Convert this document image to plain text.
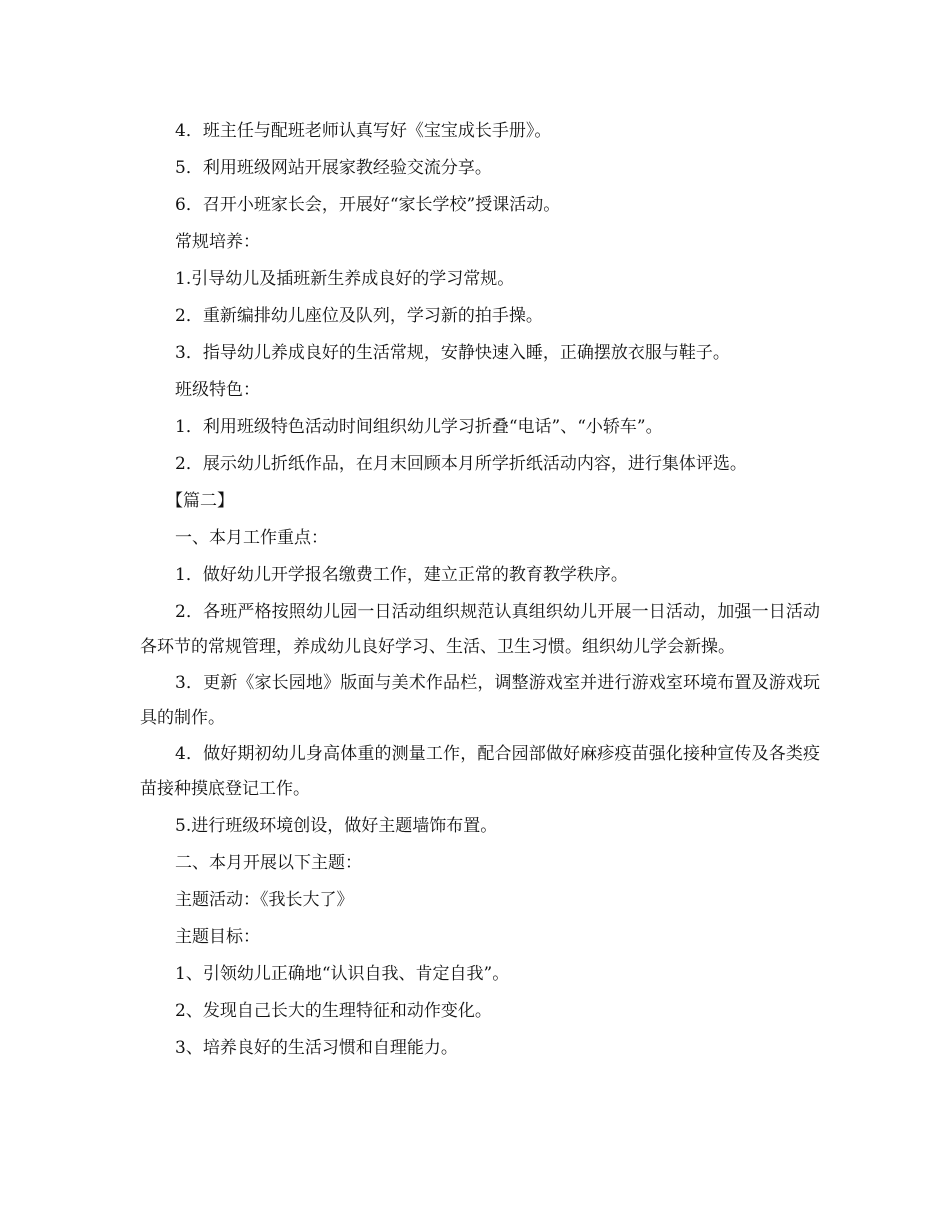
4．班主任与配班老师认真写好《宝宝成长手册》。

5．利用班级网站开展家教经验交流分享。

6．召开小班家长会，开展好“家长学校”授课活动。

常规培养：

1.引导幼儿及插班新生养成良好的学习常规。

2．重新编排幼儿座位及队列，学习新的拍手操。

3．指导幼儿养成良好的生活常规，安静快速入睡，正确摆放衣服与鞋子。

班级特色：

1．利用班级特色活动时间组织幼儿学习折叠“电话”、“小轿车”。

2．展示幼儿折纸作品，在月末回顾本月所学折纸活动内容，进行集体评选。

【篇二】

一、本月工作重点：

1．做好幼儿开学报名缴费工作，建立正常的教育教学秩序。

2．各班严格按照幼儿园一日活动组织规范认真组织幼儿开展一日活动，加强一日活动各环节的常规管理，养成幼儿良好学习、生活、卫生习惯。组织幼儿学会新操。

3．更新《家长园地》版面与美术作品栏，调整游戏室并进行游戏室环境布置及游戏玩具的制作。

4．做好期初幼儿身高体重的测量工作，配合园部做好麻疹疫苗强化接种宣传及各类疫苗接种摸底登记工作。

5.进行班级环境创设，做好主题墙饰布置。

二、本月开展以下主题：

主题活动：《我长大了》

主题目标：

1、引领幼儿正确地“认识自我、肯定自我”。

2、发现自己长大的生理特征和动作变化。

3、培养良好的生活习惯和自理能力。
